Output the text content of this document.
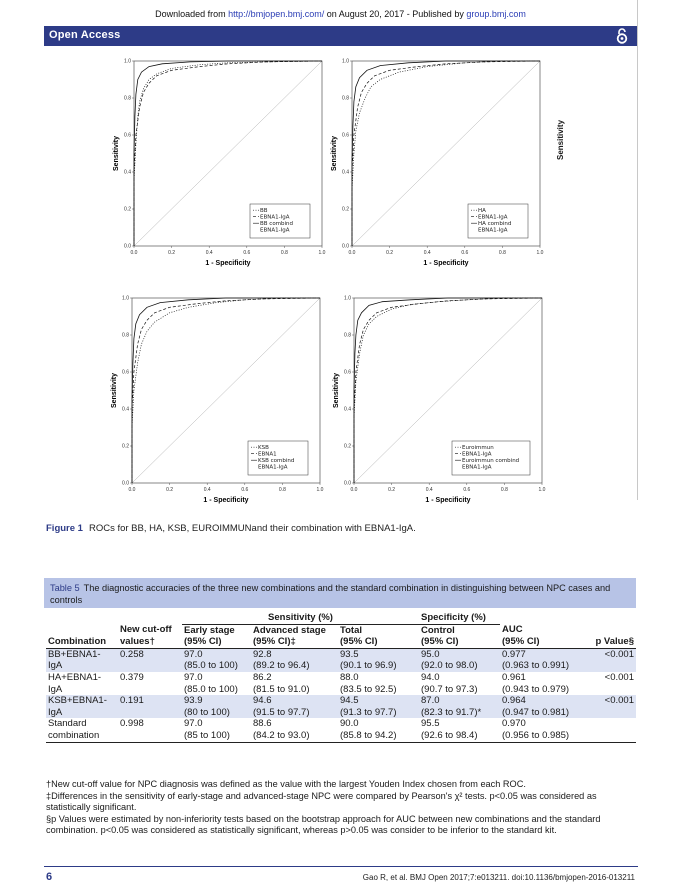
Downloaded from http://bmjopen.bmj.com/ on August 20, 2017 - Published by group.bmj.com
Open Access
Sensitivity
0.0
0.2
0.4
0.6
0.8
1.0
0.0	0.2	0.4	0.6	0.8	1.0
Sensitivity
1 - Specificity
BB
EBNA1-IgA
BB combind
EBNA1-IgA
0.0
0.2
0.4
0.6
0.8
1.0
0.0	0.2	0.4	0.6	0.8	1.0
Sensitivity
1 - Specificity
HA
EBNA1-IgA
HA combind
EBNA1-IgA
0.0
0.2
0.4
0.6
0.8
1.0
0.0	0.2	0.4	0.6	0.8	1.0
Sensitivity
1 - Specificity
KSB
EBNA1
KSB combind
EBNA1-IgA
0.0
0.2
0.4
0.6
0.8
1.0
0.0	0.2	0.4	0.6	0.8	1.0
Sensitivity
1 - Specificity
Euroimmun
EBNA1-IgA
Euroimmun combind
EBNA1-IgA
Figure 1 ROCs for BB, HA, KSB, EUROIMMUNand their combination with EBNA1-IgA.
Table 5 The diagnostic accuracies of the three new combinations and the standard combination in distinguishing between NPC cases and controls
		Sensitivity (%)			Specificity (%)		
	New cut-off	Early stage	Advanced stage	Total	Control	AUC	
Combination	values†	(95% CI)	(95% CI)‡	(95% CI)	(95% CI)	(95% CI)	p Value§
BB+EBNA1-	0.258	97.0	92.8	93.5	95.0	0.977	<0.001
IgA		(85.0 to 100)	(89.2 to 96.4)	(90.1 to 96.9)	(92.0 to 98.0)	(0.963 to 0.991)	
HA+EBNA1-	0.379	97.0	86.2	88.0	94.0	0.961	<0.001
IgA		(85.0 to 100)	(81.5 to 91.0)	(83.5 to 92.5)	(90.7 to 97.3)	(0.943 to 0.979)	
KSB+EBNA1-	0.191	93.9	94.6	94.5	87.0	0.964	<0.001
IgA		(80 to 100)	(91.5 to 97.7)	(91.3 to 97.7)	(82.3 to 91.7)*	(0.947 to 0.981)	
Standard	0.998	97.0	88.6	90.0	95.5	0.970	
combination		(85 to 100)	(84.2 to 93.0)	(85.8 to 94.2)	(92.6 to 98.4)	(0.956 to 0.985)	
†New cut-off value for NPC diagnosis was defined as the value with the largest Youden Index chosen from each ROC.
‡Differences in the sensitivity of early-stage and advanced-stage NPC were compared by Pearson's χ² tests. p<0.05 was considered as statistically significant.
§p Values were estimated by non-inferiority tests based on the bootstrap approach for AUC between new combinations and the standard combination. p<0.05 was considered as statistically significant, whereas p>0.05 was consider to be inferior to the standard kit.
6	Gao R, et al. BMJ Open 2017;7:e013211. doi:10.1136/bmjopen-2016-013211
